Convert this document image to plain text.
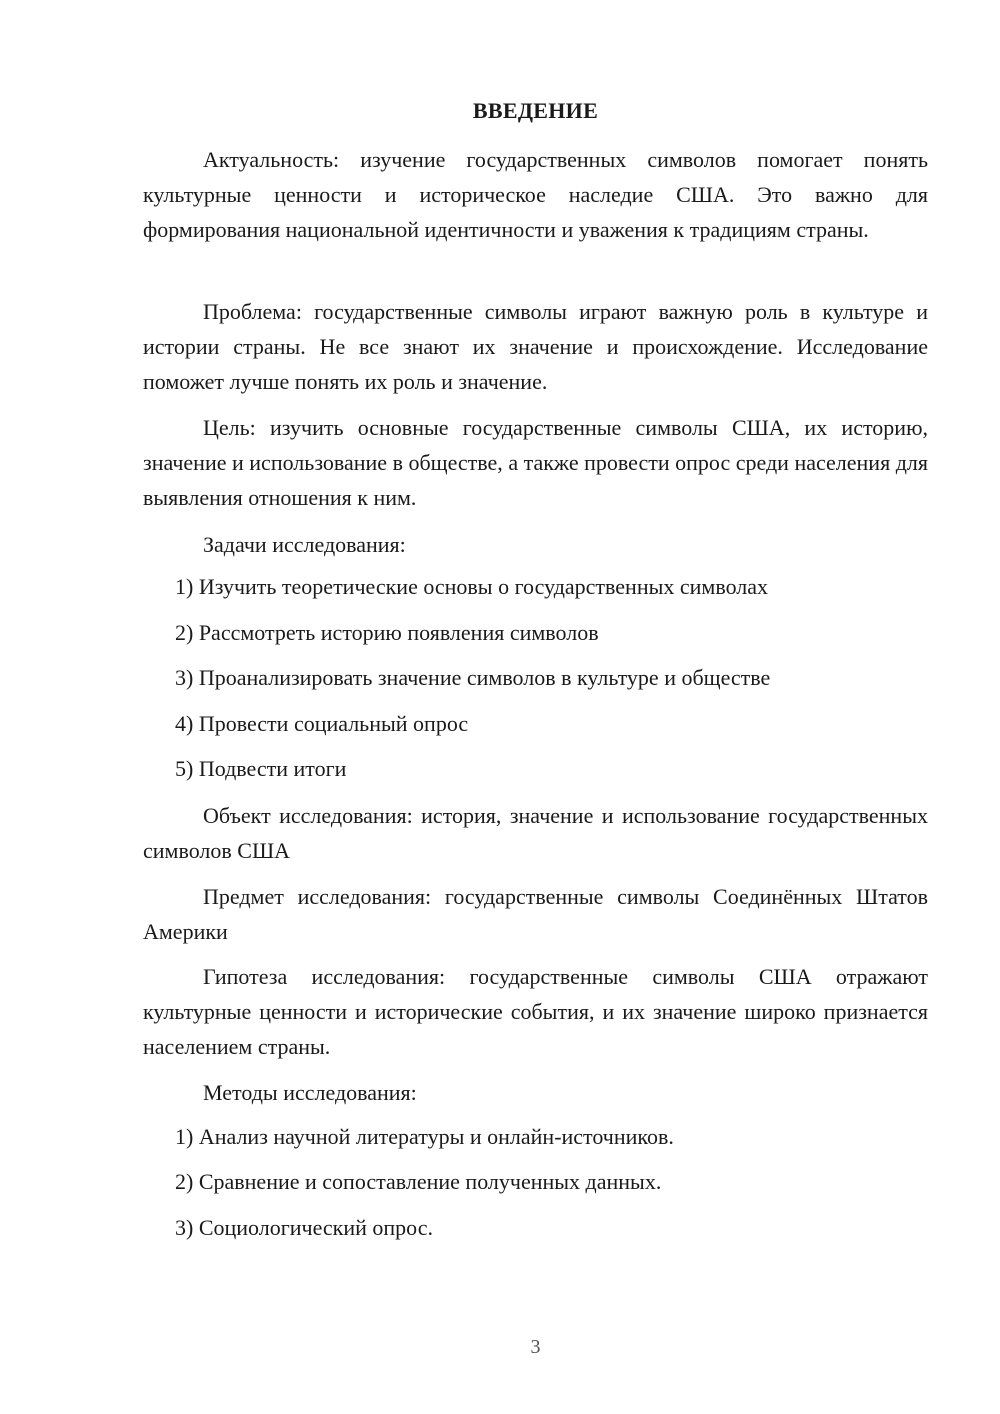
ВВЕДЕНИЕ

Актуальность: изучение государственных символов помогает понять культурные ценности и историческое наследие США. Это важно для формирования национальной идентичности и уважения к традициям страны.

Проблема: государственные символы играют важную роль в культуре и истории страны. Не все знают их значение и происхождение. Исследование поможет лучше понять их роль и значение.

Цель: изучить основные государственные символы США, их историю, значение и использование в обществе, а также провести опрос среди населения для выявления отношения к ним.

Задачи исследования:

1) Изучить теоретические основы о государственных символах

2) Рассмотреть историю появления символов

3) Проанализировать значение символов в культуре и обществе

4) Провести социальный опрос

5) Подвести итоги

Объект исследования: история, значение и использование государственных символов США

Предмет исследования: государственные символы Соединённых Штатов Америки

Гипотеза исследования: государственные символы США отражают культурные ценности и исторические события, и их значение широко признается населением страны.

Методы исследования:

1) Анализ научной литературы и онлайн-источников.

2) Сравнение и сопоставление полученных данных.

3) Социологический опрос.

3
